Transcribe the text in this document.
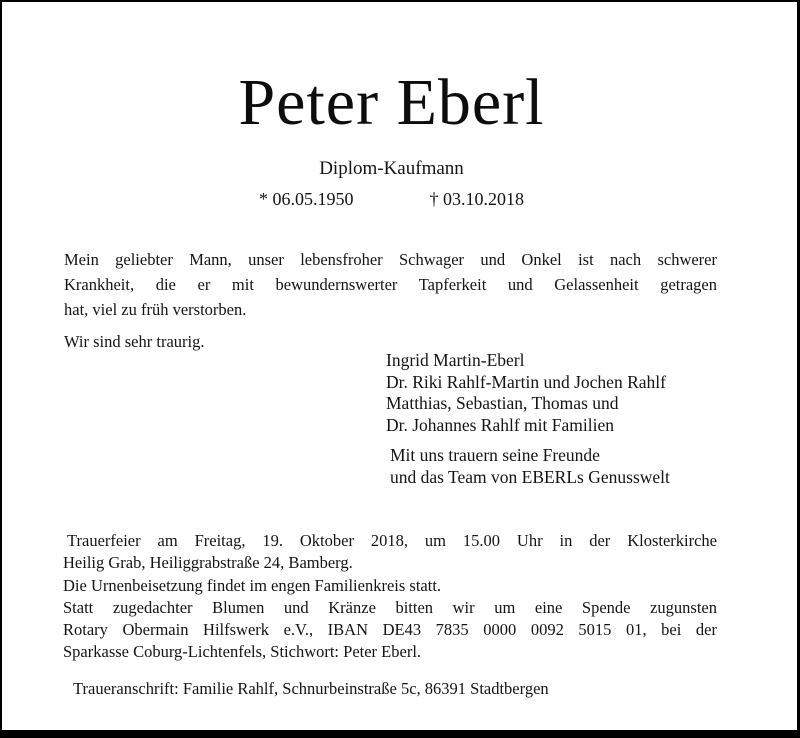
Peter Eberl
Diplom-Kaufmann
* 06.05.1950	† 03.10.2018
Mein geliebter Mann, unser lebensfroher Schwager und Onkel ist nach schwerer
Krankheit, die er mit bewundernswerter Tapferkeit und Gelassenheit getragen
hat, viel zu früh verstorben.
Wir sind sehr traurig.
Ingrid Martin-Eberl
Dr. Riki Rahlf-Martin und Jochen Rahlf
Matthias, Sebastian, Thomas und
Dr. Johannes Rahlf mit Familien
Mit uns trauern seine Freunde
und das Team von EBERLs Genusswelt
Trauerfeier am Freitag, 19. Oktober 2018, um 15.00 Uhr in der Klosterkirche
Heilig Grab, Heiliggrabstraße 24, Bamberg.
Die Urnenbeisetzung findet im engen Familienkreis statt.
Statt zugedachter Blumen und Kränze bitten wir um eine Spende zugunsten
Rotary Obermain Hilfswerk e.V., IBAN DE43 7835 0000 0092 5015 01, bei der
Sparkasse Coburg-Lichtenfels, Stichwort: Peter Eberl.
Traueranschrift: Familie Rahlf, Schnurbeinstraße 5c, 86391 Stadtbergen
